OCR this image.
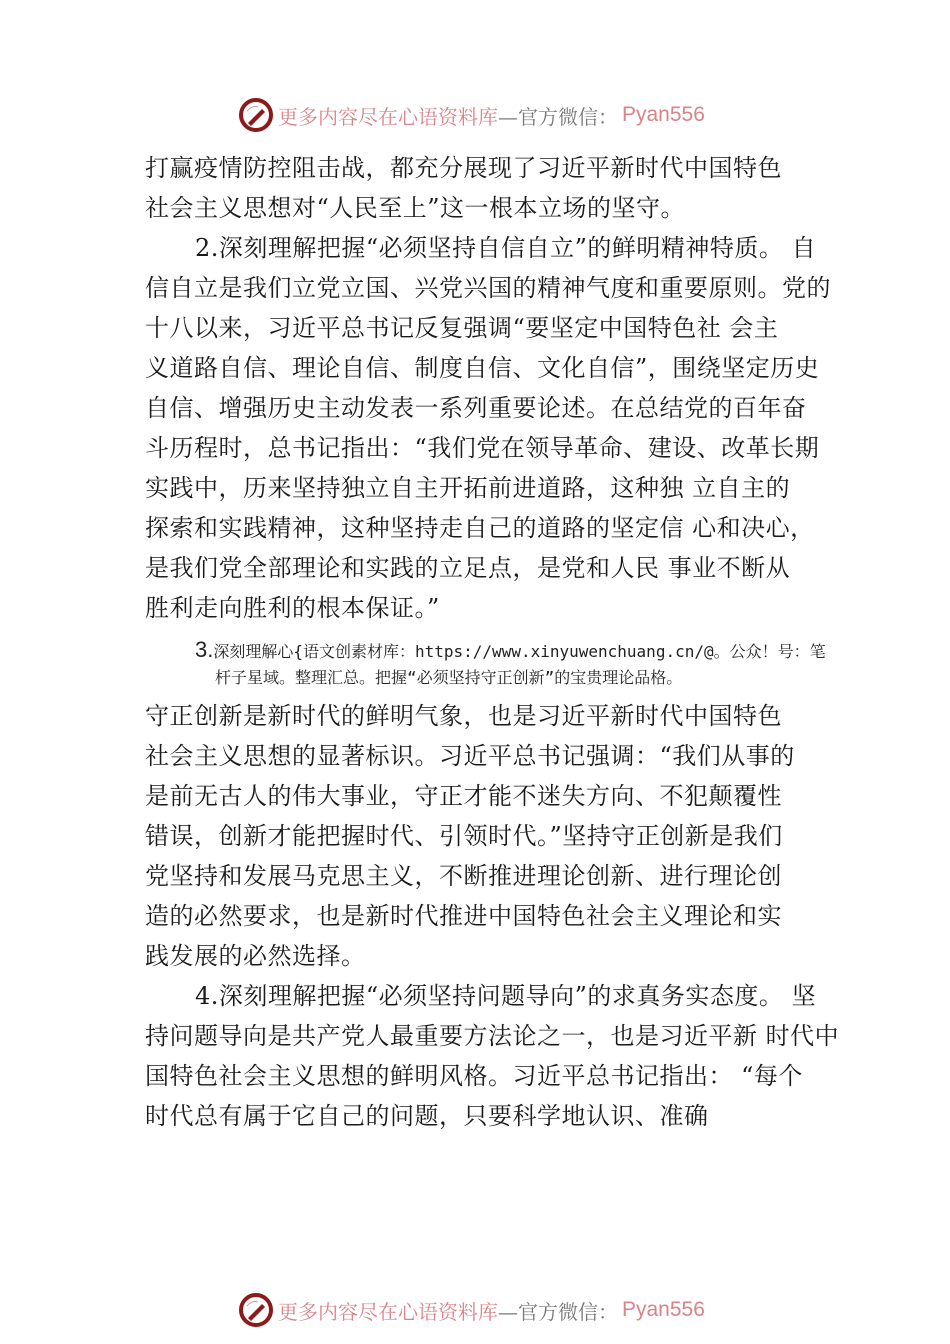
更多内容尽在心语资料库 —官方微信： Pyan556
打赢疫情防控阻击战，都充分展现了习近平新时代中国特色
社会主义思想对“人民至上”这一根本立场的坚守。
2.深刻理解把握“必须坚持自信自立”的鲜明精神特质。 自
信自立是我们立党立国、兴党兴国的精神气度和重要原则。党的
十八以来，习近平总书记反复强调“要坚定中国特色社 会主
义道路自信、理论自信、制度自信、文化自信”，围绕坚定历史
自信、增强历史主动发表一系列重要论述。在总结党的百年奋
斗历程时，总书记指出：“我们党在领导革命、建设、改革长期
实践中，历来坚持独立自主开拓前进道路，这种独 立自主的
探索和实践精神，这种坚持走自己的道路的坚定信 心和决心，
是我们党全部理论和实践的立足点，是党和人民 事业不断从
胜利走向胜利的根本保证。”
3.深刻理解心{语文创素材库：https://www.xinyuwenchuang.cn/@。公众！号：笔
杆子星域。整理汇总。把握“必须坚持守正创新”的宝贵理论品格。
守正创新是新时代的鲜明气象，也是习近平新时代中国特色
社会主义思想的显著标识。习近平总书记强调：“我们从事的
是前无古人的伟大事业，守正才能不迷失方向、不犯颠覆性
错误，创新才能把握时代、引领时代。”坚持守正创新是我们
党坚持和发展马克思主义，不断推进理论创新、进行理论创
造的必然要求，也是新时代推进中国特色社会主义理论和实
践发展的必然选择。
4.深刻理解把握“必须坚持问题导向”的求真务实态度。 坚
持问题导向是共产党人最重要方法论之一，也是习近平新 时代中
国特色社会主义思想的鲜明风格。习近平总书记指出： “每个
时代总有属于它自己的问题，只要科学地认识、准确
更多内容尽在心语资料库 —官方微信： Pyan556
